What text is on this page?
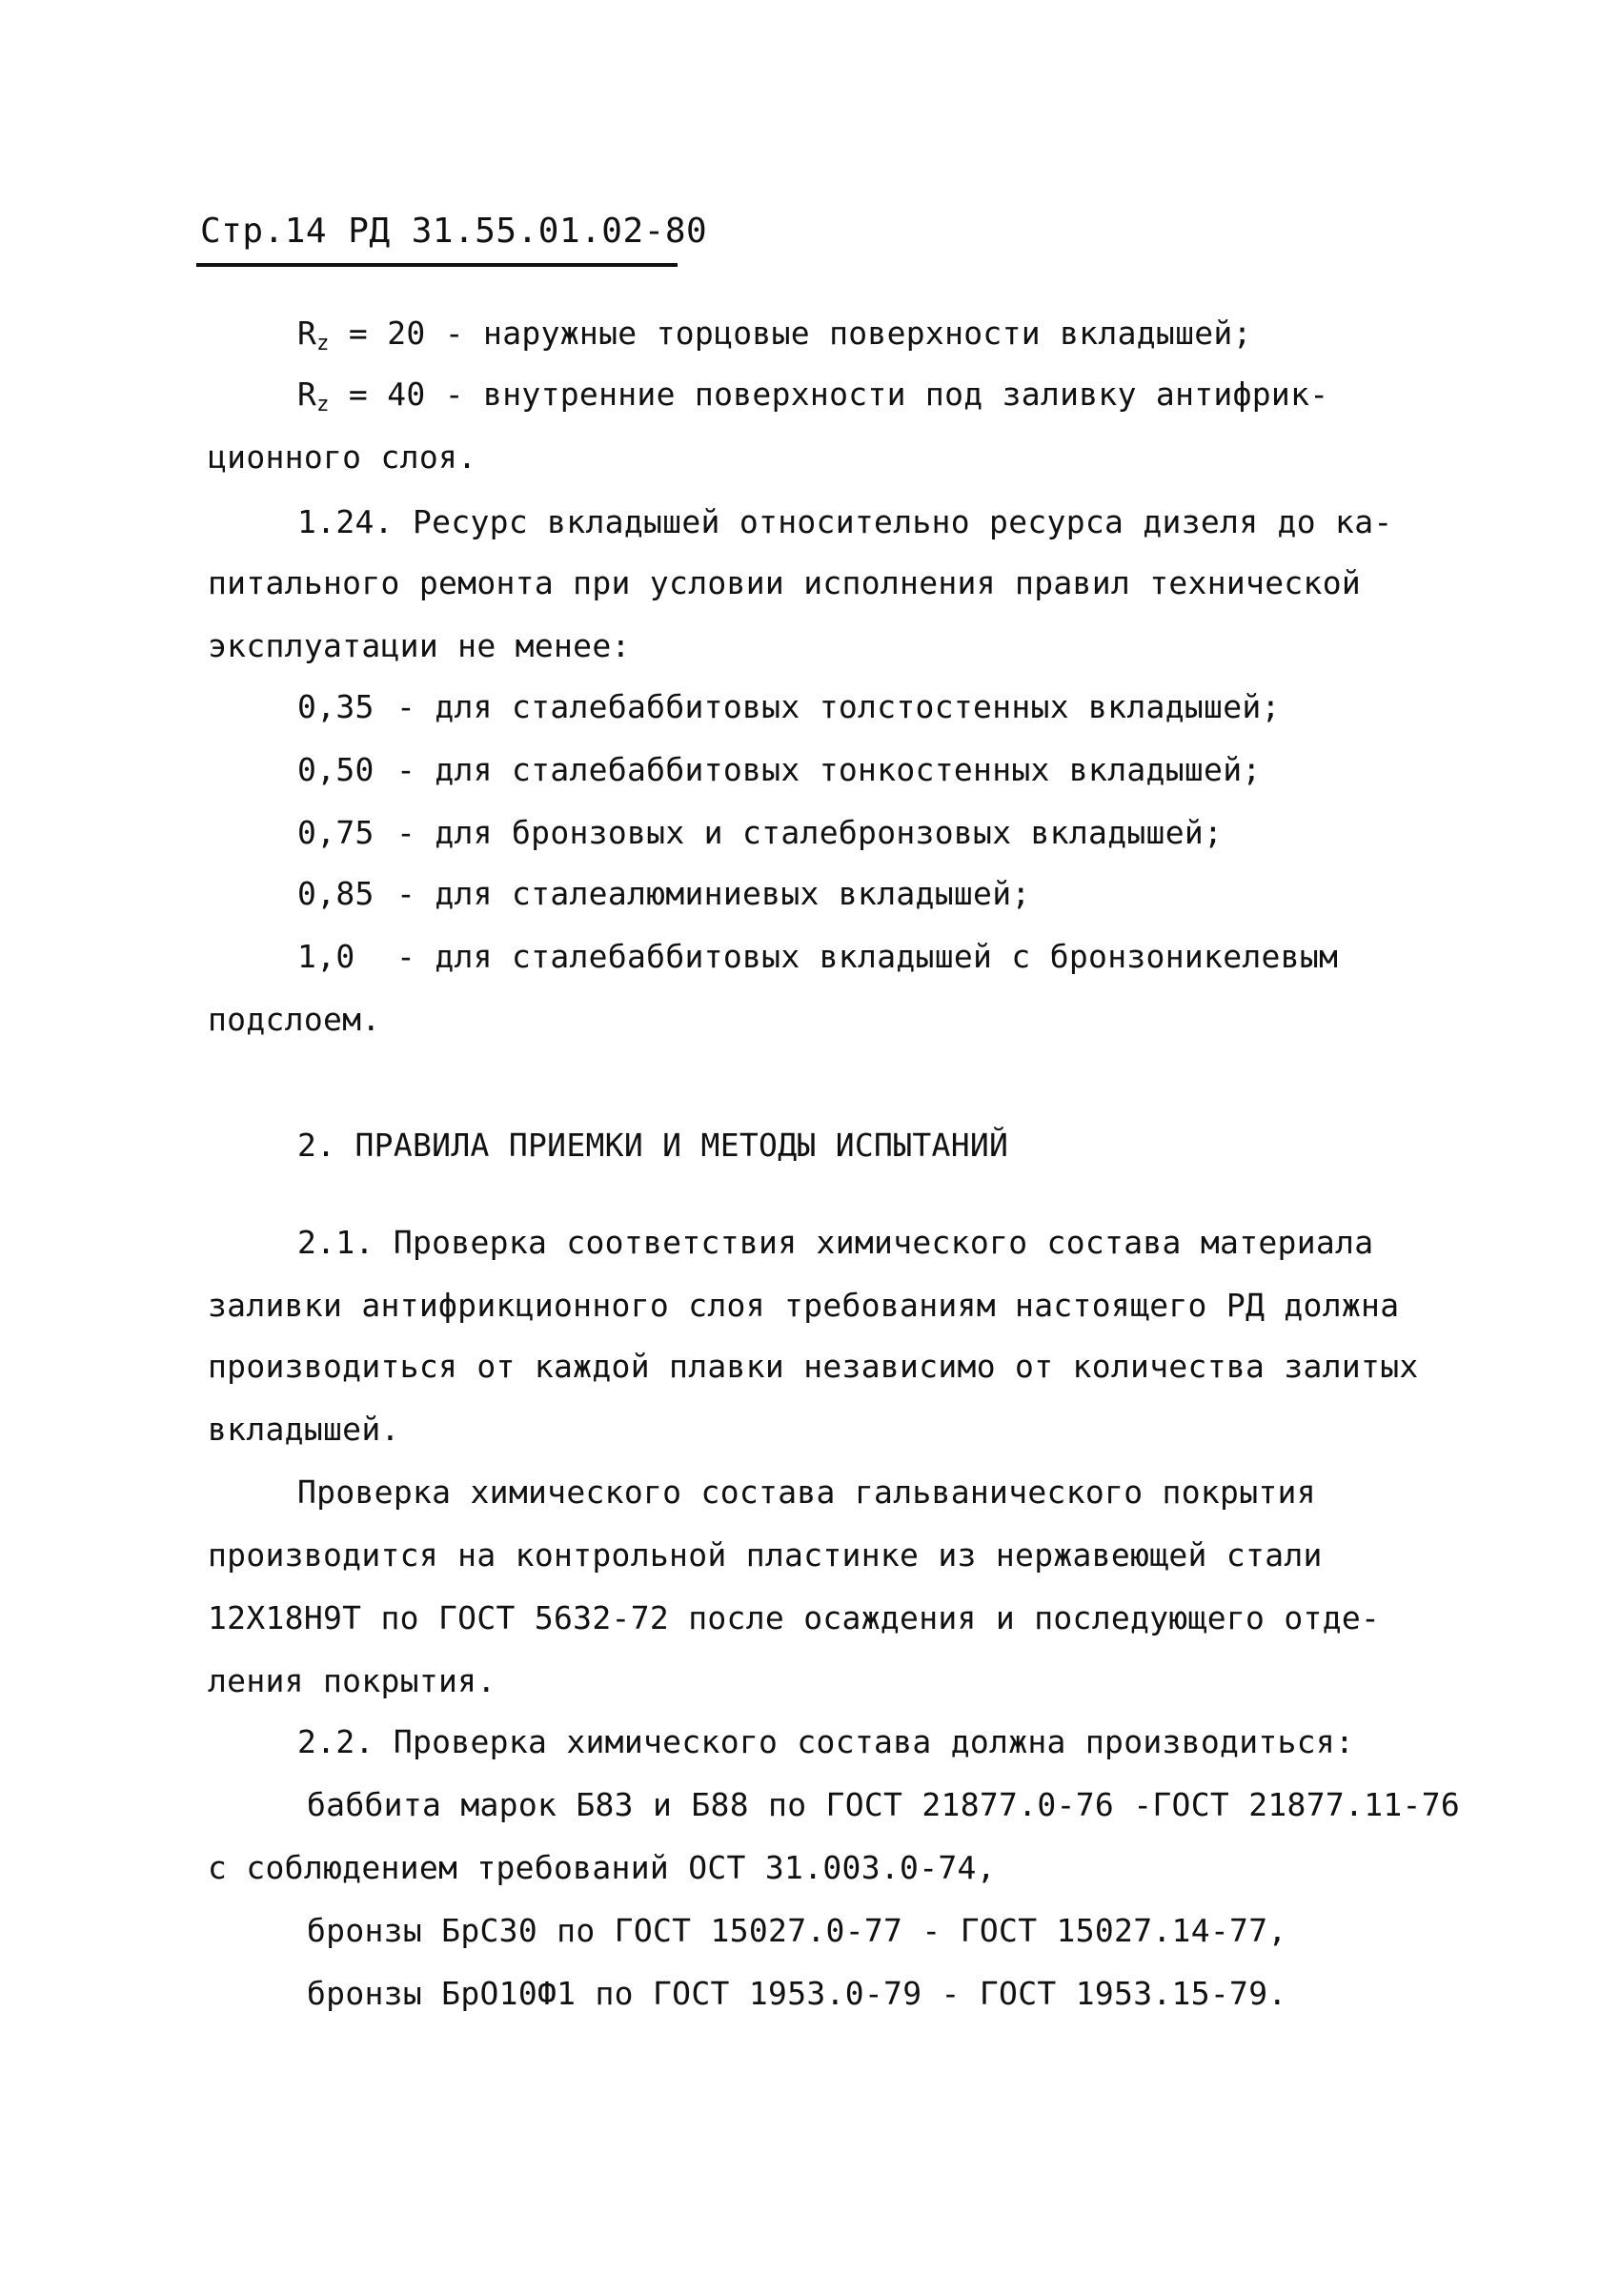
Стр.14 РД 31.55.01.02-80
$R_z = 20$ - наружные торцовые поверхности вкладышей;
$R_z = 40$ - внутренние поверхности под заливку антифрик-
ционного слоя.
1.24. Ресурс вкладышей относительно ресурса дизеля до ка-
питального ремонта при условии исполнения правил технической
эксплуатации не менее:
0,35 - для сталебаббитовых толстостенных вкладышей;
0,50 - для сталебаббитовых тонкостенных вкладышей;
0,75 - для бронзовых и сталебронзовых вкладышей;
0,85 - для сталеалюминиевых вкладышей;
1,0 - для сталебаббитовых вкладышей с бронзоникелевым
подслоем.
2. ПРАВИЛА ПРИЕМКИ И МЕТОДЫ ИСПЫТАНИЙ
2.1. Проверка соответствия химического состава материала
заливки антифрикционного слоя требованиям настоящего РД должна
производиться от каждой плавки независимо от количества залитых
вкладышей.
Проверка химического состава гальванического покрытия
производится на контрольной пластинке из нержавеющей стали
12Х18Н9Т по ГОСТ 5632-72 после осаждения и последующего отде-
ления покрытия.
2.2. Проверка химического состава должна производиться:
баббита марок Б83 и Б88 по ГОСТ 21877.0-76 -ГОСТ 21877.11-76
с соблюдением требований ОСТ 31.003.0-74,
бронзы БрС30 по ГОСТ 15027.0-77 - ГОСТ 15027.14-77,
бронзы БрО10Ф1 по ГОСТ 1953.0-79 - ГОСТ 1953.15-79.
